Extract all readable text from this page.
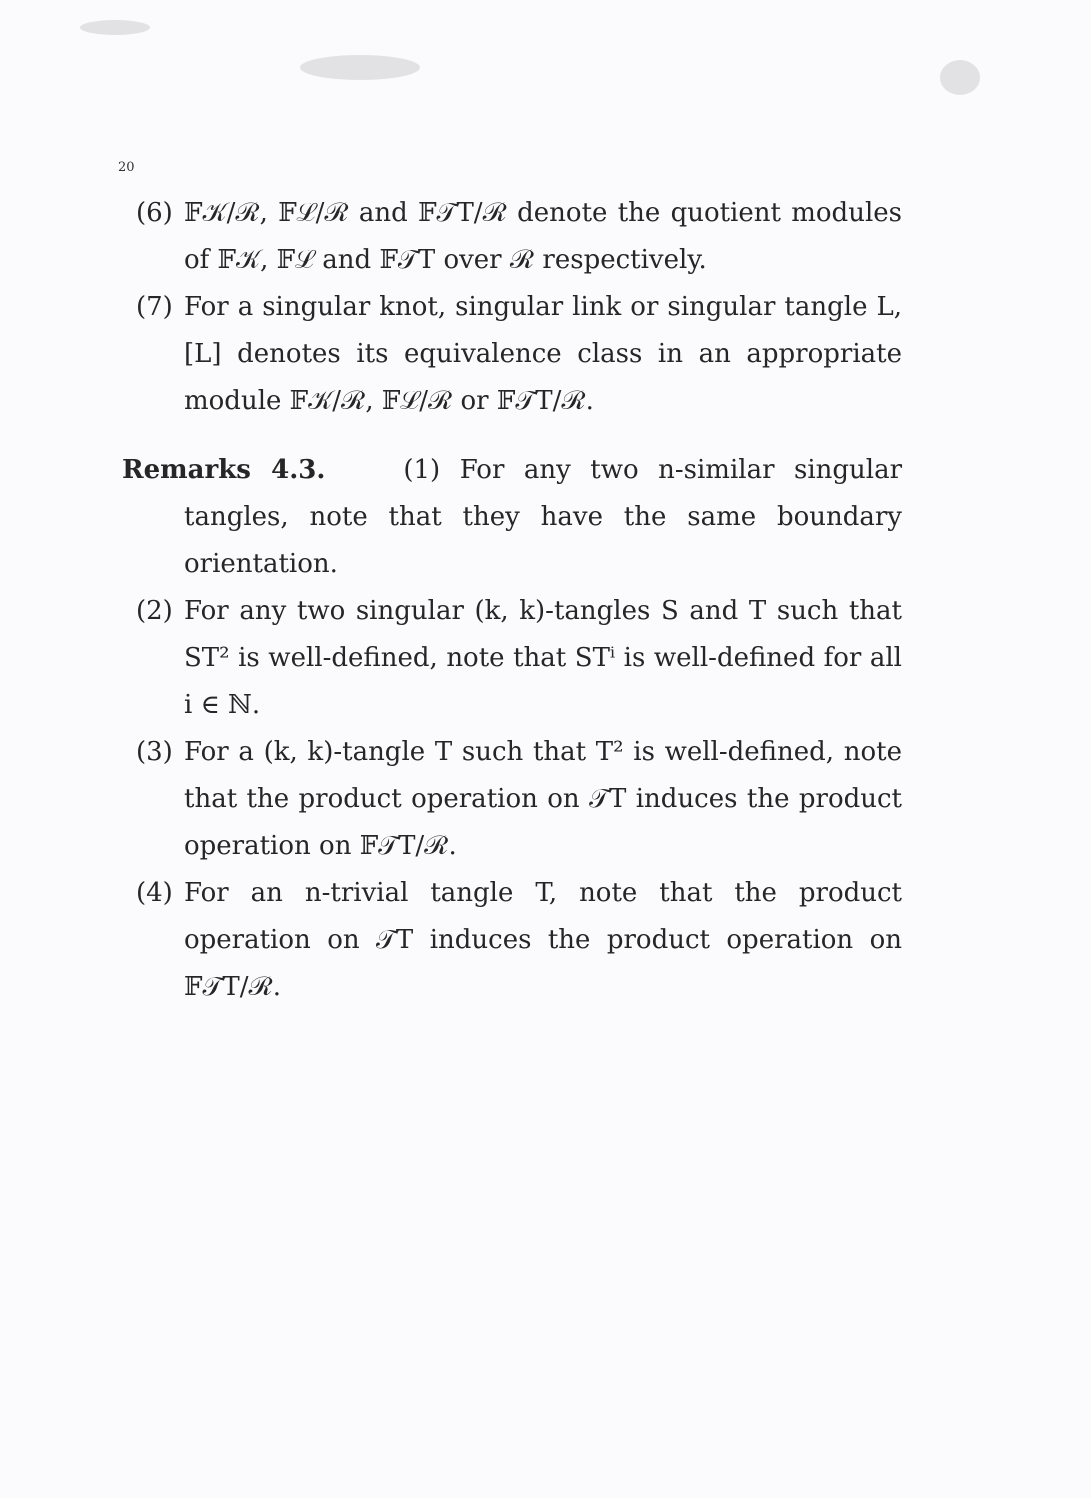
20
(6) 𝔽𝒦/ℛ, 𝔽ℒ/ℛ and 𝔽𝒯T/ℛ denote the quotient modules of 𝔽𝒦, 𝔽ℒ and 𝔽𝒯T over ℛ respectively.
(7) For a singular knot, singular link or singular tangle L, [L] denotes its equivalence class in an appropriate module 𝔽𝒦/ℛ, 𝔽ℒ/ℛ or 𝔽𝒯T/ℛ.
Remarks 4.3.	(1) For any two n-similar singular tangles, note that they have the same boundary orientation.
(2) For any two singular (k, k)-tangles S and T such that ST² is well-defined, note that STⁱ is well-defined for all i ∈ ℕ.
(3) For a (k, k)-tangle T such that T² is well-defined, note that the product operation on 𝒯T induces the product operation on 𝔽𝒯T/ℛ.
(4) For an n-trivial tangle T, note that the product operation on 𝒯T induces the product operation on 𝔽𝒯T/ℛ.
